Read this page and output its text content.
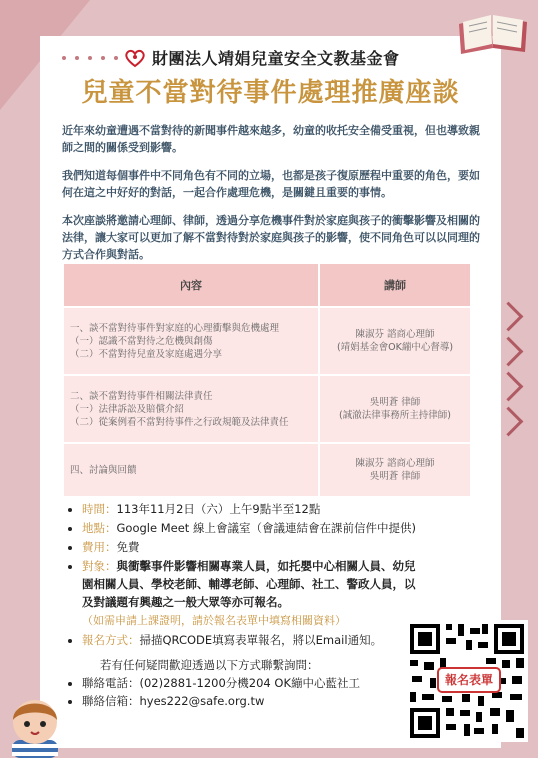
財團法人靖娟兒童安全文教基金會
兒童不當對待事件處理推廣座談
近年來幼童遭遇不當對待的新聞事件越來越多，幼童的收托安全備受重視，但也導致親師之間的關係受到影響。
我們知道每個事件中不同角色有不同的立場，也都是孩子復原歷程中重要的角色，要如何在這之中好好的對話，一起合作處理危機，是關鍵且重要的事情。
本次座談將邀請心理師、律師，透過分享危機事件對於家庭與孩子的衝擊影響及相關的法律，讓大家可以更加了解不當對待對於家庭與孩子的影響，使不同角色可以以同理的方式合作與對話。
內容	講師

一、談不當對待事件對家庭的心理衝擊與危機處理
（一）認識不當對待之危機與創傷
（二）不當對待兒童及家庭處遇分享	陳淑芬 諮商心理師
(靖娟基金會OK繃中心督導)

二、談不當對待事件相關法律責任
（一）法律訴訟及賠償介紹
（二）從案例看不當對待事件之行政規範及法律責任	吳明蒼 律師
(誠澈法律事務所主持律師)

四、討論與回饋	陳淑芬 諮商心理師
吳明蒼 律師
• 時間：113年11月2日（六）上午9點半至12點
• 地點：Google Meet 線上會議室（會議連結會在課前信件中提供)
• 費用：免費
• 對象：與衝擊事件影響相關專業人員，如托嬰中心相關人員、幼兒園相關人員、學校老師、輔導老師、心理師、社工、警政人員，以及對議題有興趣之一般大眾等亦可報名。
（如需申請上課證明，請於報名表單中填寫相關資料）
• 報名方式：掃描QRCODE填寫表單報名，將以Email通知。
若有任何疑問歡迎透過以下方式聯繫詢問：
• 聯絡電話：(02)2881-1200分機204 OK繃中心藍社工
• 聯絡信箱：hyes222@safe.org.tw
報名表單
